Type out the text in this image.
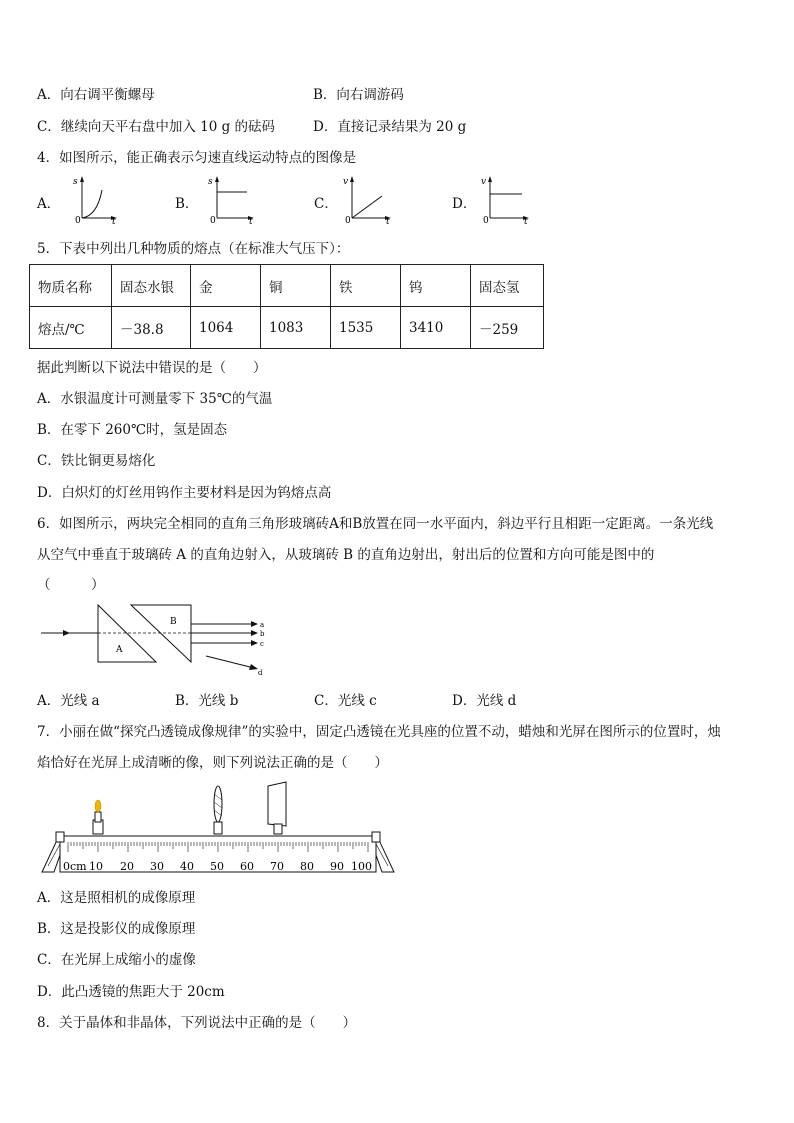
A．向右调平衡螺母	B．向右调游码
C．继续向天平右盘中加入 10 g 的砝码	D．直接记录结果为 20 g
4．如图所示，能正确表示匀速直线运动特点的图像是
A．
s
0	t
B．
s
0	t
C．
v
0	t
D．
v
0	t
5．下表中列出几种物质的熔点（在标准大气压下）：
物质名称	固态水银	金	铜	铁	钨	固态氢
熔点/℃	－38.8	1064	1083	1535	3410	－259
据此判断以下说法中错误的是（　　）
A．水银温度计可测量零下 35℃的气温
B．在零下 260℃时，氢是固态
C．铁比铜更易熔化
D．白炽灯的灯丝用钨作主要材料是因为钨熔点高
6．如图所示，两块完全相同的直角三角形玻璃砖A和B放置在同一水平面内，斜边平行且相距一定距离。一条光线
从空气中垂直于玻璃砖 A 的直角边射入，从玻璃砖 B 的直角边射出，射出后的位置和方向可能是图中的
（　　　）
A
B	a
b
c
d
A．光线 a	B．光线 b	C．光线 c	D．光线 d
7．小丽在做“探究凸透镜成像规律”的实验中，固定凸透镜在光具座的位置不动，蜡烛和光屏在图所示的位置时，烛
焰恰好在光屏上成清晰的像，则下列说法正确的是（　　）
0cm 10 20 30 40 50 60 70 80 90 100
A．这是照相机的成像原理
B．这是投影仪的成像原理
C．在光屏上成缩小的虚像
D．此凸透镜的焦距大于 20cm
8．关于晶体和非晶体，下列说法中正确的是（　　）
